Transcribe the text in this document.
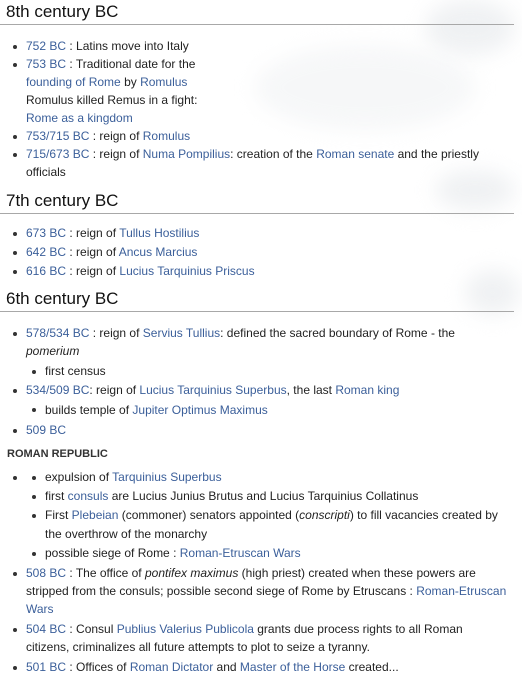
8th century BC
752 BC : Latins move into Italy
753 BC : Traditional date for the
founding of Rome by Romulus
Romulus killed Remus in a fight:
Rome as a kingdom
753/715 BC : reign of Romulus
715/673 BC : reign of Numa Pompilius: creation of the Roman senate and the priestly
officials
7th century BC
673 BC : reign of Tullus Hostilius
642 BC : reign of Ancus Marcius
616 BC : reign of Lucius Tarquinius Priscus
6th century BC
578/534 BC : reign of Servius Tullius: defined the sacred boundary of Rome - the
pomerium
first census
534/509 BC: reign of Lucius Tarquinius Superbus, the last Roman king
builds temple of Jupiter Optimus Maximus
509 BC
ROMAN REPUBLIC
expulsion of Tarquinius Superbus
first consuls are Lucius Junius Brutus and Lucius Tarquinius Collatinus
First Plebeian (commoner) senators appointed (conscripti) to fill vacancies created by
the overthrow of the monarchy
possible siege of Rome : Roman-Etruscan Wars
508 BC : The office of pontifex maximus (high priest) created when these powers are
stripped from the consuls; possible second siege of Rome by Etruscans : Roman-Etruscan
Wars
504 BC : Consul Publius Valerius Publicola grants due process rights to all Roman
citizens, criminalizes all future attempts to plot to seize a tyranny.
501 BC : Offices of Roman Dictator and Master of the Horse created...
